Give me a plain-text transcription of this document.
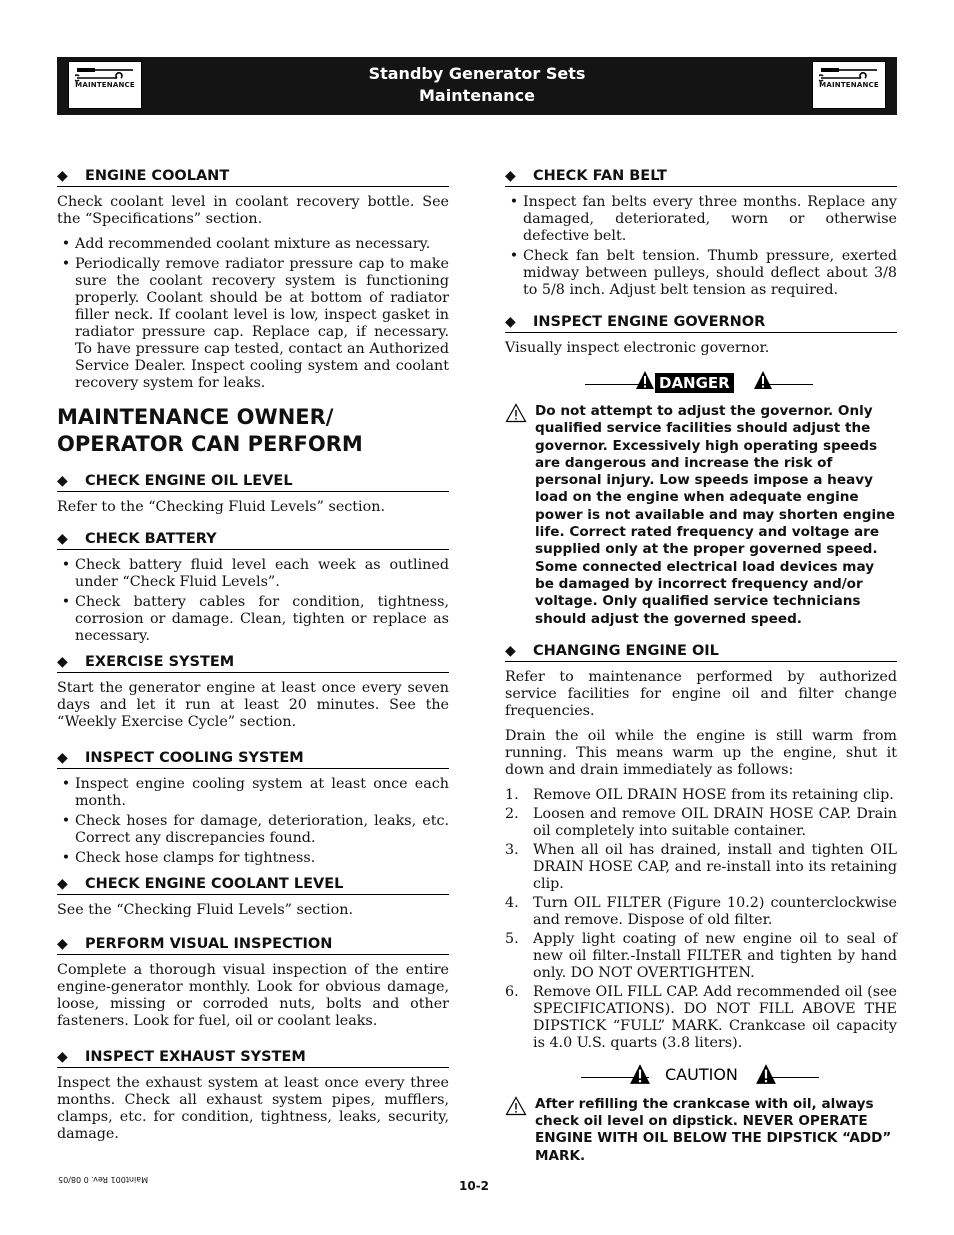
MAINTENANCE
Standby Generator Sets
Maintenance
MAINTENANCE
◆ ENGINE COOLANT

Check coolant level in coolant recovery bottle. See the “Specifications” section.

• Add recommended coolant mixture as necessary.
• Periodically remove radiator pressure cap to make sure the coolant recovery system is functioning properly. Coolant should be at bottom of radiator filler neck. If coolant level is low, inspect gasket in radiator pressure cap. Replace cap, if necessary. To have pressure cap tested, contact an Authorized Service Dealer. Inspect cooling system and coolant recovery system for leaks.
MAINTENANCE OWNER/
OPERATOR CAN PERFORM
◆ CHECK ENGINE OIL LEVEL

Refer to the “Checking Fluid Levels” section.

◆ CHECK BATTERY
• Check battery fluid level each week as outlined under “Check Fluid Levels”.
• Check battery cables for condition, tightness, corrosion or damage. Clean, tighten or replace as necessary.
◆ EXERCISE SYSTEM

Start the generator engine at least once every seven days and let it run at least 20 minutes. See the “Weekly Exercise Cycle” section.

◆ INSPECT COOLING SYSTEM
• Inspect engine cooling system at least once each month.
• Check hoses for damage, deterioration, leaks, etc. Correct any discrepancies found.
• Check hose clamps for tightness.
◆ CHECK ENGINE COOLANT LEVEL

See the “Checking Fluid Levels” section.

◆ PERFORM VISUAL INSPECTION

Complete a thorough visual inspection of the entire engine-generator monthly. Look for obvious damage, loose, missing or corroded nuts, bolts and other fasteners. Look for fuel, oil or coolant leaks.

◆ INSPECT EXHAUST SYSTEM

Inspect the exhaust system at least once every three months. Check all exhaust system pipes, mufflers, clamps, etc. for condition, tightness, leaks, security, damage.

◆ CHECK FAN BELT
• Inspect fan belts every three months. Replace any damaged, deteriorated, worn or otherwise defective belt.
• Check fan belt tension. Thumb pressure, exerted midway between pulleys, should deflect about 3/8 to 5/8 inch. Adjust belt tension as required.
◆ INSPECT ENGINE GOVERNOR

Visually inspect electronic governor.

DANGER
Do not attempt to adjust the governor. Only qualified service facilities should adjust the governor. Excessively high operating speeds are dangerous and increase the risk of personal injury. Low speeds impose a heavy load on the engine when adequate engine power is not available and may shorten engine life. Correct rated frequency and voltage are supplied only at the proper governed speed. Some connected electrical load devices may be damaged by incorrect frequency and/or voltage. Only qualified service technicians should adjust the governed speed.
◆ CHANGING ENGINE OIL

Refer to maintenance performed by authorized service facilities for engine oil and filter change frequencies.

Drain the oil while the engine is still warm from running. This means warm up the engine, shut it down and drain immediately as follows:

1. Remove OIL DRAIN HOSE from its retaining clip.
2. Loosen and remove OIL DRAIN HOSE CAP. Drain oil completely into suitable container.
3. When all oil has drained, install and tighten OIL DRAIN HOSE CAP, and re-install into its retaining clip.
4. Turn OIL FILTER (Figure 10.2) counterclockwise and remove. Dispose of old filter.
5. Apply light coating of new engine oil to seal of new oil filter.-Install FILTER and tighten by hand only. DO NOT OVERTIGHTEN.
6. Remove OIL FILL CAP. Add recommended oil (see SPECIFICATIONS). DO NOT FILL ABOVE THE DIPSTICK “FULL” MARK. Crankcase oil capacity is 4.0 U.S. quarts (3.8 liters).
CAUTION
After refilling the crankcase with oil, always check oil level on dipstick. NEVER OPERATE ENGINE WITH OIL BELOW THE DIPSTICK “ADD” MARK.
Maint001 Rev. 0 08/05	10-2
